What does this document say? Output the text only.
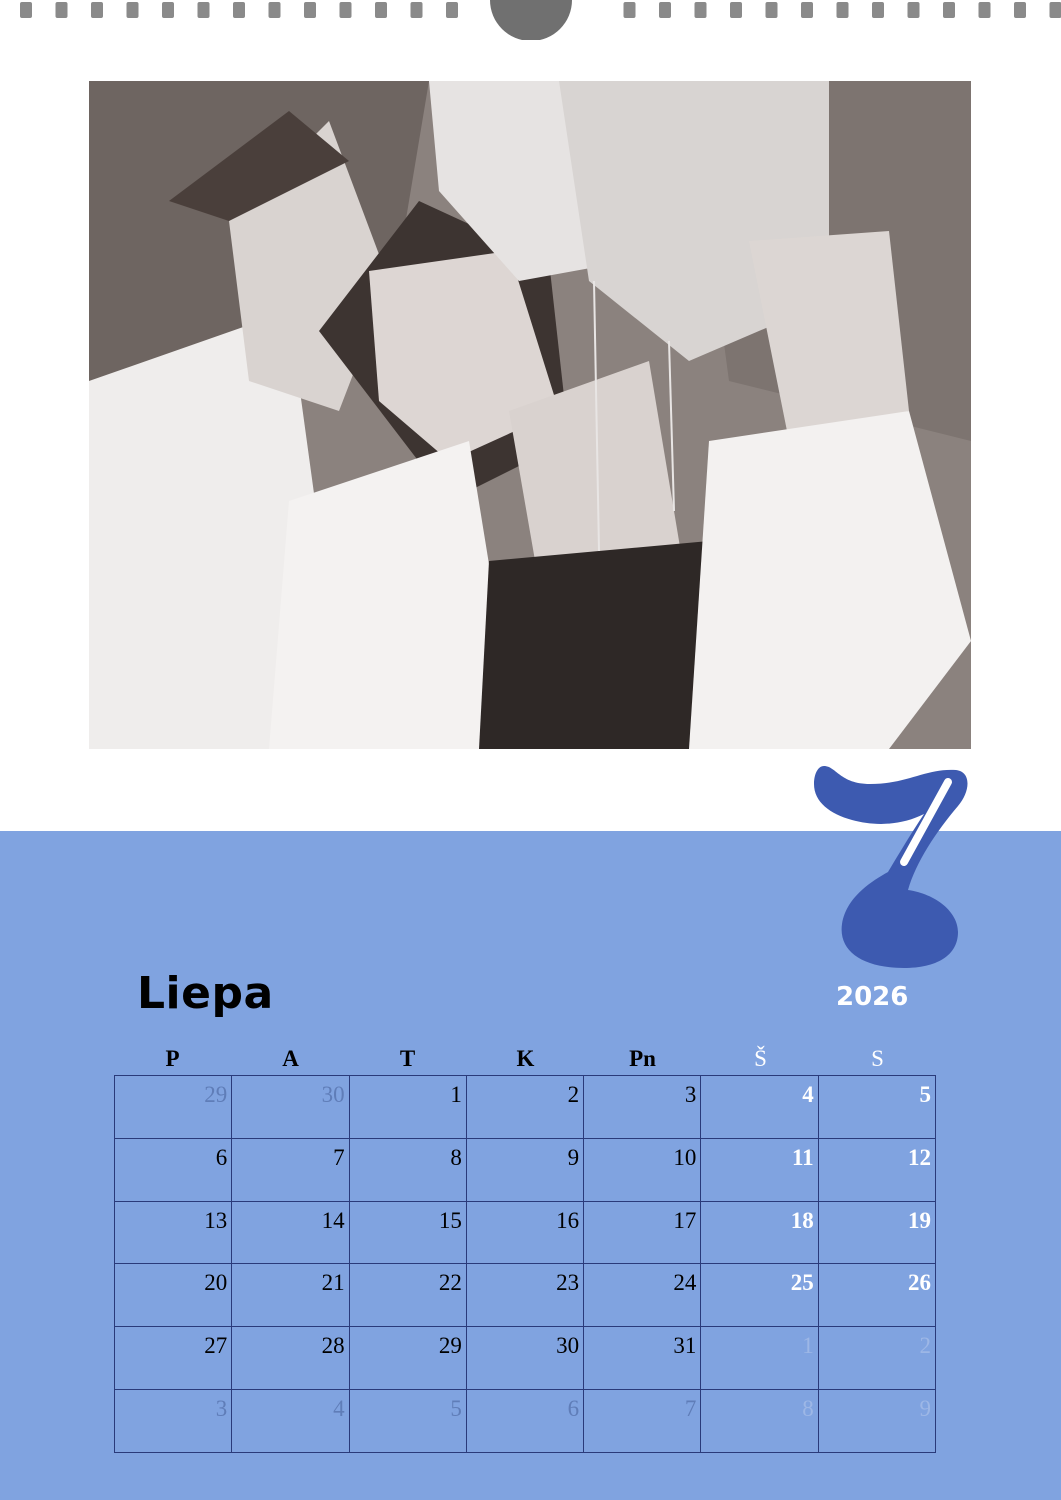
Liepa	2026
P	A	T	K	Pn	Š	S
29	30	1	2	3	4	5
6	7	8	9	10	11	12
13	14	15	16	17	18	19
20	21	22	23	24	25	26
27	28	29	30	31	1	2
3	4	5	6	7	8	9
